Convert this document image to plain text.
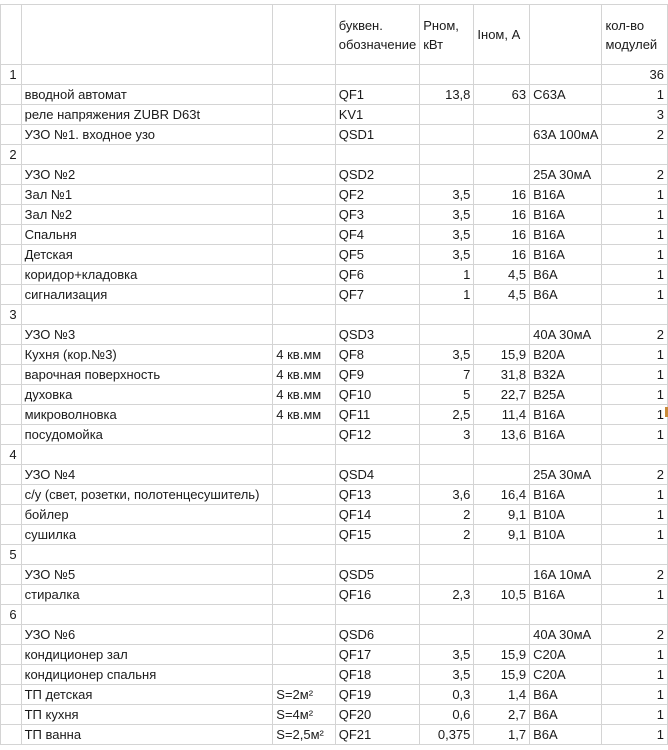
			буквен. обозначение	Рном, кВт	Iном, А		кол-во модулей
1							36

	вводной автомат		QF1	13,8	63	C63A	1

	реле напряжения ZUBR D63t		KV1				3

	УЗО №1. входное узо		QSD1			63A 100мА	2
2	

	УЗО №2		QSD2			25A 30мА	2

	Зал №1		QF2	3,5	16	B16A	1

	Зал №2		QF3	3,5	16	B16A	1

	Спальня		QF4	3,5	16	B16A	1

	Детская		QF5	3,5	16	B16A	1

	коридор+кладовка		QF6	1	4,5	B6A	1

	сигнализация		QF7	1	4,5	B6A	1
3	

	УЗО №3		QSD3			40A 30мА	2

	Кухня (кор.№3)	4 кв.мм	QF8	3,5	15,9	B20A	1

	варочная поверхность	4 кв.мм	QF9	7	31,8	B32A	1

	духовка	4 кв.мм	QF10	5	22,7	B25A	1

	микроволновка	4 кв.мм	QF11	2,5	11,4	B16A	1

	посудомойка		QF12	3	13,6	B16A	1
4	

	УЗО №4		QSD4			25A 30мА	2

	с/у (свет, розетки, полотенцесушитель)		QF13	3,6	16,4	B16A	1

	бойлер		QF14	2	9,1	B10A	1

	сушилка		QF15	2	9,1	B10A	1
5	

	УЗО №5		QSD5			16A 10мА	2

	стиралка		QF16	2,3	10,5	B16A	1
6	

	УЗО №6		QSD6			40A 30мА	2

	кондиционер зал		QF17	3,5	15,9	C20A	1

	кондиционер спальня		QF18	3,5	15,9	C20A	1

	ТП детская	S=2м²	QF19	0,3	1,4	B6A	1

	ТП кухня	S=4м²	QF20	0,6	2,7	B6A	1

	ТП ванна	S=2,5м²	QF21	0,375	1,7	B6A	1
